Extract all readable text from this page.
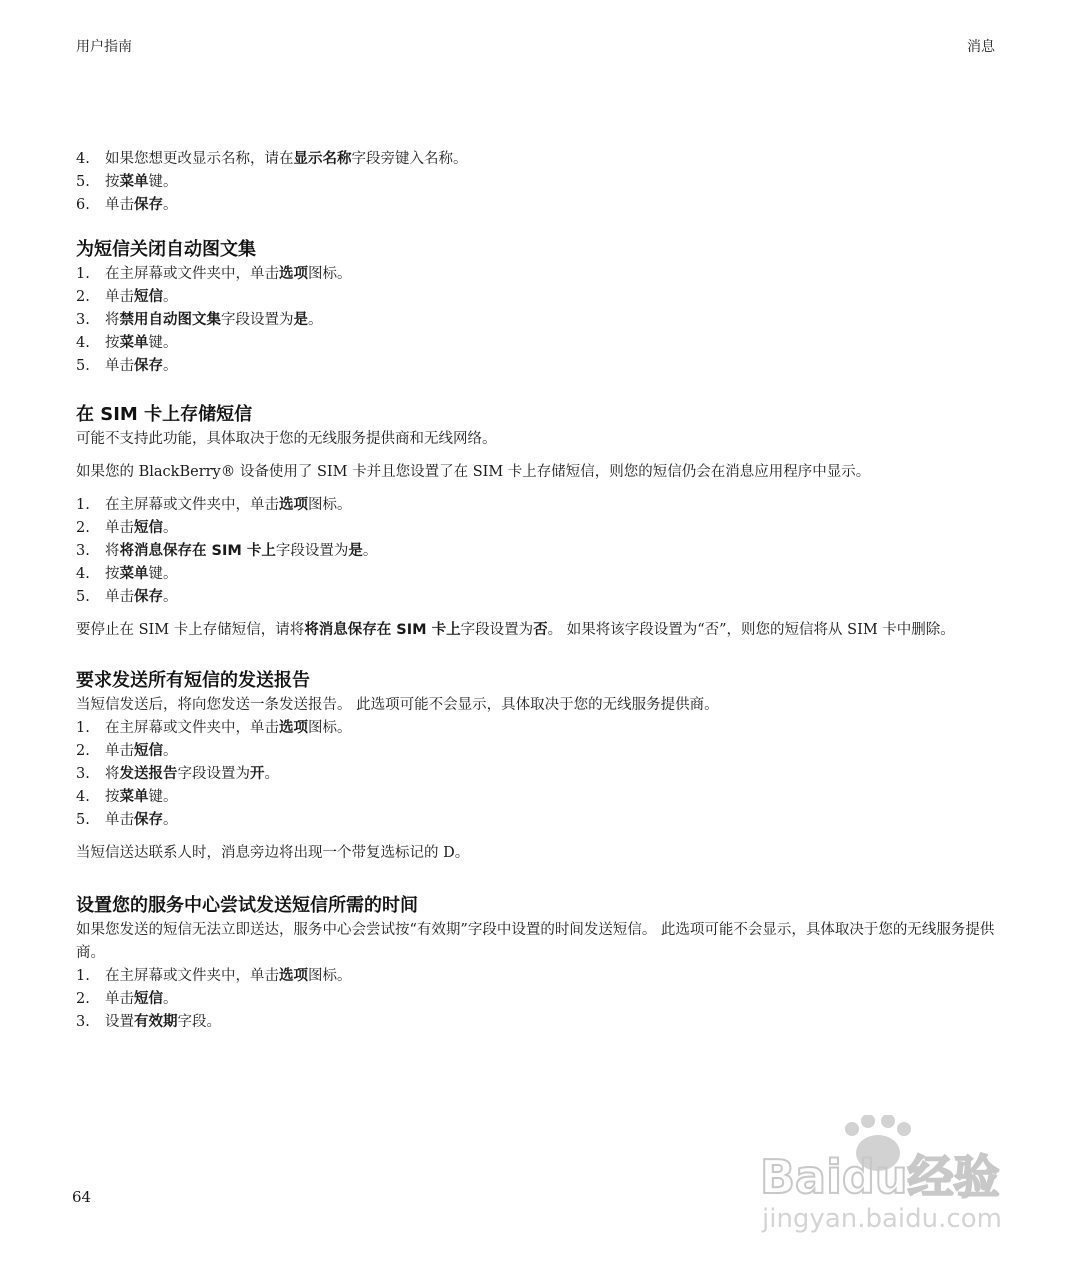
用户指南	消息
4. 如果您想更改显示名称，请在显示名称字段旁键入名称。
5. 按菜单键。
6. 单击保存。
为短信关闭自动图文集
1. 在主屏幕或文件夹中，单击选项图标。
2. 单击短信。
3. 将禁用自动图文集字段设置为是。
4. 按菜单键。
5. 单击保存。
在 SIM 卡上存储短信

可能不支持此功能，具体取决于您的无线服务提供商和无线网络。

如果您的 BlackBerry® 设备使用了 SIM 卡并且您设置了在 SIM 卡上存储短信，则您的短信仍会在消息应用程序中显示。

1. 在主屏幕或文件夹中，单击选项图标。
2. 单击短信。
3. 将将消息保存在 SIM 卡上字段设置为是。
4. 按菜单键。
5. 单击保存。

要停止在 SIM 卡上存储短信，请将将消息保存在 SIM 卡上字段设置为否。 如果将该字段设置为“否”，则您的短信将从 SIM 卡中删除。

要求发送所有短信的发送报告

当短信发送后，将向您发送一条发送报告。 此选项可能不会显示，具体取决于您的无线服务提供商。

1. 在主屏幕或文件夹中，单击选项图标。
2. 单击短信。
3. 将发送报告字段设置为开。
4. 按菜单键。
5. 单击保存。

当短信送达联系人时，消息旁边将出现一个带复选标记的 D。

设置您的服务中心尝试发送短信所需的时间

如果您发送的短信无法立即送达，服务中心会尝试按“有效期”字段中设置的时间发送短信。 此选项可能不会显示，具体取决于您的无线服务提供商。

1. 在主屏幕或文件夹中，单击选项图标。
2. 单击短信。
3. 设置有效期字段。
64	Baidu经验
jingyan.baidu.com
